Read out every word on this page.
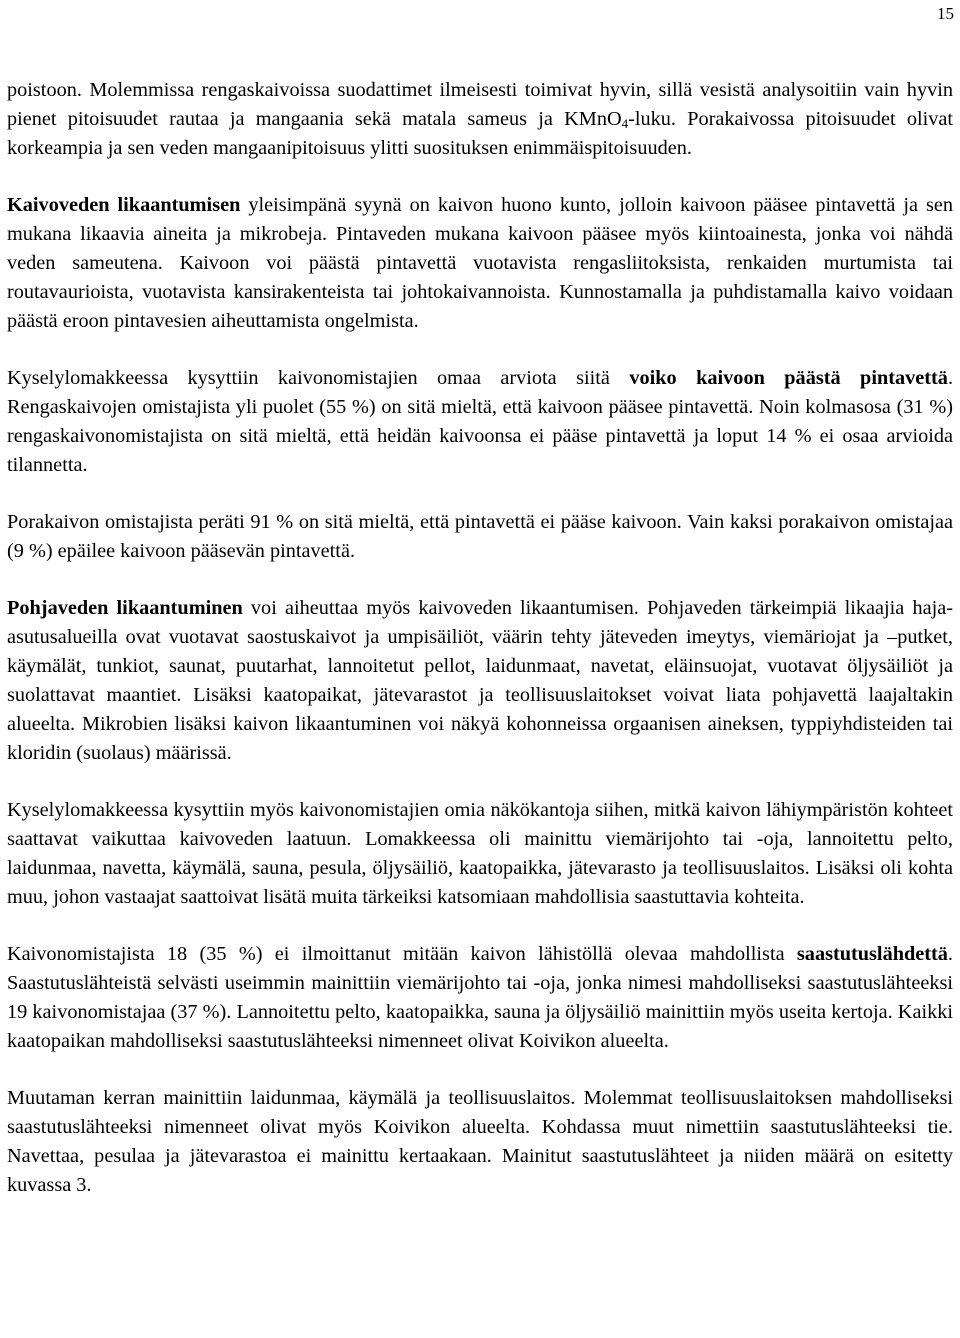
15

poistoon. Molemmissa rengaskaivoissa suodattimet ilmeisesti toimivat hyvin, sillä vesistä analysoitiin vain hyvin pienet pitoisuudet rautaa ja mangaania sekä matala sameus ja KMnO$_4$-luku. Porakaivossa pitoisuudet olivat korkeampia ja sen veden mangaanipitoisuus ylitti suosituksen enimmäispitoisuuden.

Kaivoveden likaantumisen yleisimpänä syynä on kaivon huono kunto, jolloin kaivoon pääsee pintavettä ja sen mukana likaavia aineita ja mikrobeja. Pintaveden mukana kaivoon pääsee myös kiintoainesta, jonka voi nähdä veden sameutena. Kaivoon voi päästä pintavettä vuotavista rengasliitoksista, renkaiden murtumista tai routavaurioista, vuotavista kansirakenteista tai johtokaivannoista. Kunnostamalla ja puhdistamalla kaivo voidaan päästä eroon pintavesien aiheuttamista ongelmista.

Kyselylomakkeessa kysyttiin kaivonomistajien omaa arviota siitä voiko kaivoon päästä pintavettä. Rengaskaivojen omistajista yli puolet (55 %) on sitä mieltä, että kaivoon pääsee pintavettä. Noin kolmasosa (31 %) rengaskaivonomistajista on sitä mieltä, että heidän kaivoonsa ei pääse pintavettä ja loput 14 % ei osaa arvioida tilannetta.

Porakaivon omistajista peräti 91 % on sitä mieltä, että pintavettä ei pääse kaivoon. Vain kaksi porakaivon omistajaa (9 %) epäilee kaivoon pääsevän pintavettä.

Pohjaveden likaantuminen voi aiheuttaa myös kaivoveden likaantumisen. Pohjaveden tärkeimpiä likaajia haja-asutusalueilla ovat vuotavat saostuskaivot ja umpisäiliöt, väärin tehty jäteveden imeytys, viemäriojat ja –putket, käymälät, tunkiot, saunat, puutarhat, lannoitetut pellot, laidunmaat, navetat, eläinsuojat, vuotavat öljysäiliöt ja suolattavat maantiet. Lisäksi kaatopaikat, jätevarastot ja teollisuuslaitokset voivat liata pohjavettä laajaltakin alueelta. Mikrobien lisäksi kaivon likaantuminen voi näkyä kohonneissa orgaanisen aineksen, typpiyhdisteiden tai kloridin (suolaus) määrissä.

Kyselylomakkeessa kysyttiin myös kaivonomistajien omia näkökantoja siihen, mitkä kaivon lähiympäristön kohteet saattavat vaikuttaa kaivoveden laatuun. Lomakkeessa oli mainittu viemärijohto tai -oja, lannoitettu pelto, laidunmaa, navetta, käymälä, sauna, pesula, öljysäiliö, kaatopaikka, jätevarasto ja teollisuuslaitos. Lisäksi oli kohta muu, johon vastaajat saattoivat lisätä muita tärkeiksi katsomiaan mahdollisia saastuttavia kohteita.

Kaivonomistajista 18 (35 %) ei ilmoittanut mitään kaivon lähistöllä olevaa mahdollista saastutuslähdettä. Saastutuslähteistä selvästi useimmin mainittiin viemärijohto tai -oja, jonka nimesi mahdolliseksi saastutuslähteeksi 19 kaivonomistajaa (37 %). Lannoitettu pelto, kaatopaikka, sauna ja öljysäiliö mainittiin myös useita kertoja. Kaikki kaatopaikan mahdolliseksi saastutuslähteeksi nimenneet olivat Koivikon alueelta.

Muutaman kerran mainittiin laidunmaa, käymälä ja teollisuuslaitos. Molemmat teollisuuslaitoksen mahdolliseksi saastutuslähteeksi nimenneet olivat myös Koivikon alueelta. Kohdassa muut nimettiin saastutuslähteeksi tie. Navettaa, pesulaa ja jätevarastoa ei mainittu kertaakaan. Mainitut saastutuslähteet ja niiden määrä on esitetty kuvassa 3.
